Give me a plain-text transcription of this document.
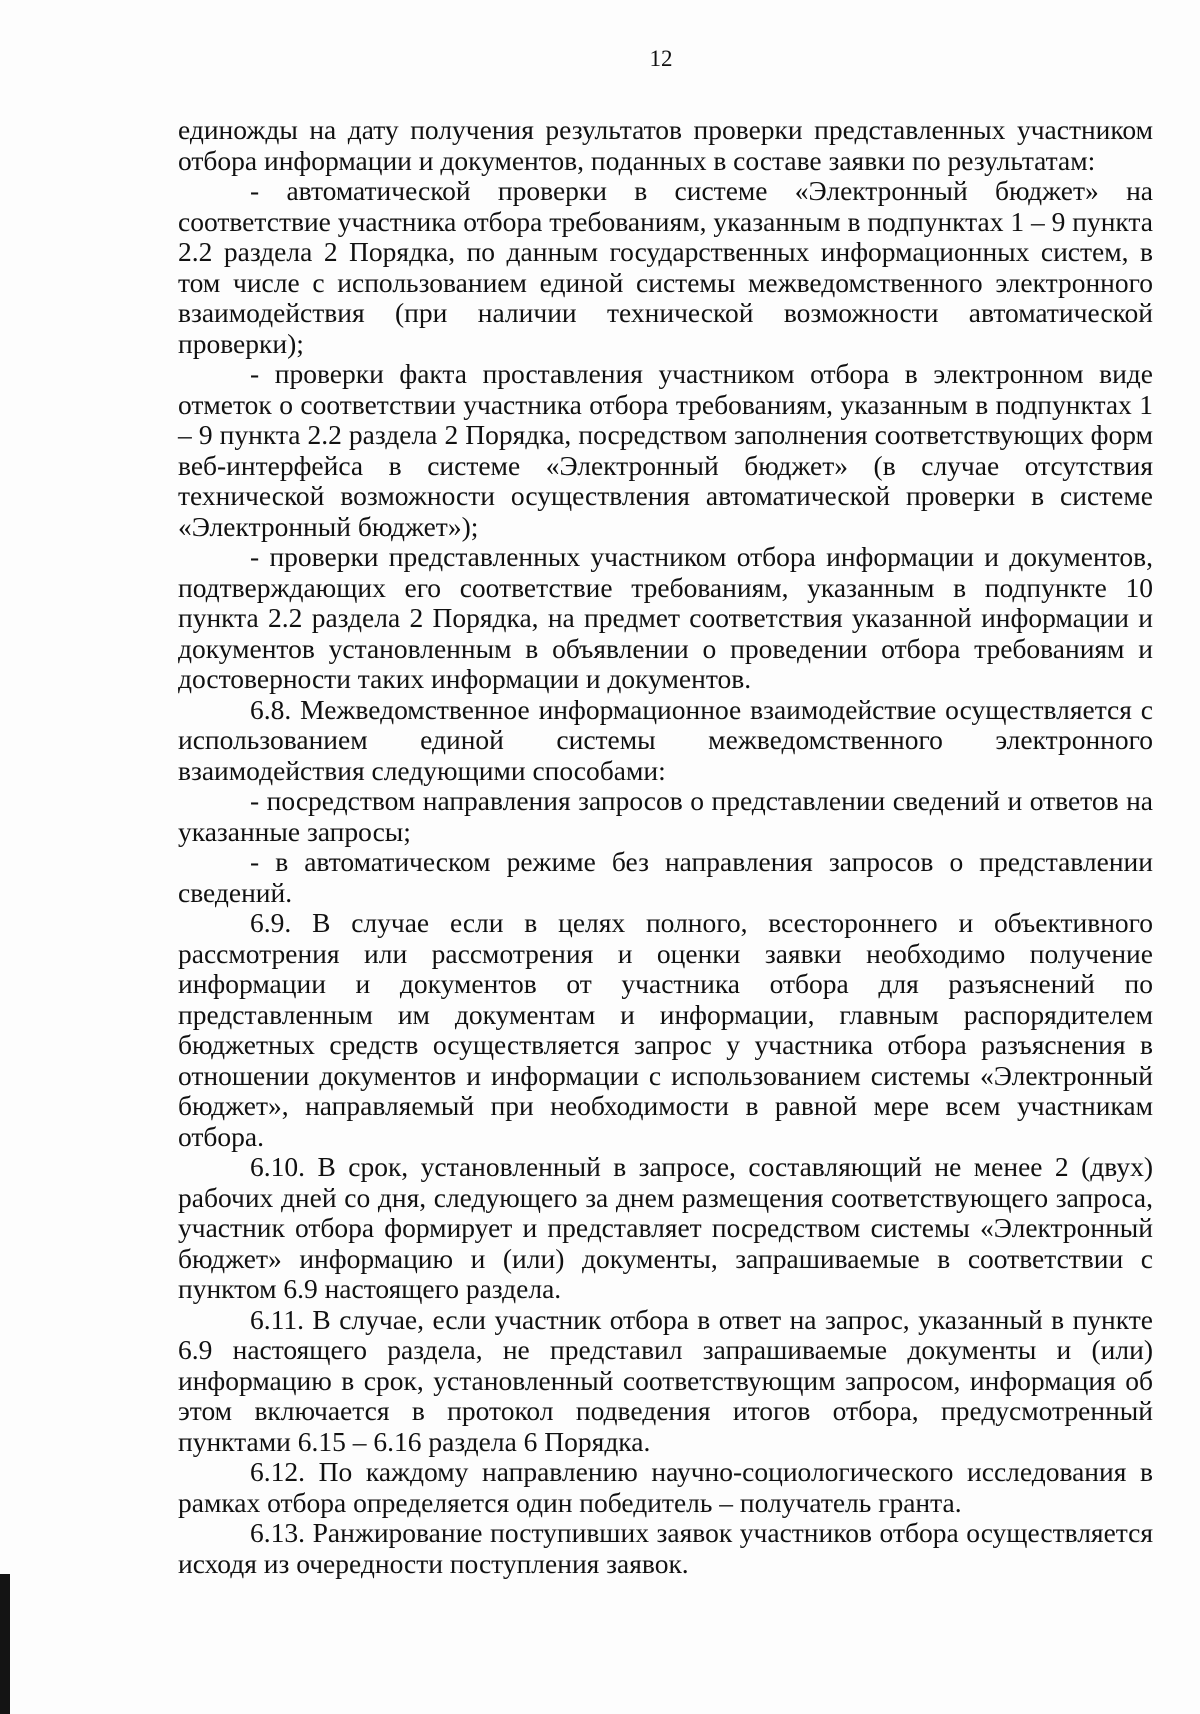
12

единожды на дату получения результатов проверки представленных участником отбора информации и документов, поданных в составе заявки по результатам:

- автоматической проверки в системе «Электронный бюджет» на соответствие участника отбора требованиям, указанным в подпунктах 1 – 9 пункта 2.2 раздела 2 Порядка, по данным государственных информационных систем, в том числе с использованием единой системы межведомственного электронного взаимодействия (при наличии технической возможности автоматической проверки);

- проверки факта проставления участником отбора в электронном виде отметок о соответствии участника отбора требованиям, указанным в подпунктах 1 – 9 пункта 2.2 раздела 2 Порядка, посредством заполнения соответствующих форм веб-интерфейса в системе «Электронный бюджет» (в случае отсутствия технической возможности осуществления автоматической проверки в системе «Электронный бюджет»);

- проверки представленных участником отбора информации и документов, подтверждающих его соответствие требованиям, указанным в подпункте 10 пункта 2.2 раздела 2 Порядка, на предмет соответствия указанной информации и документов установленным в объявлении о проведении отбора требованиям и достоверности таких информации и документов.

6.8. Межведомственное информационное взаимодействие осуществляется с использованием единой системы межведомственного электронного взаимодействия следующими способами:

- посредством направления запросов о представлении сведений и ответов на указанные запросы;

- в автоматическом режиме без направления запросов о представлении сведений.

6.9. В случае если в целях полного, всестороннего и объективного рассмотрения или рассмотрения и оценки заявки необходимо получение информации и документов от участника отбора для разъяснений по представленным им документам и информации, главным распорядителем бюджетных средств осуществляется запрос у участника отбора разъяснения в отношении документов и информации с использованием системы «Электронный бюджет», направляемый при необходимости в равной мере всем участникам отбора.

6.10. В срок, установленный в запросе, составляющий не менее 2 (двух) рабочих дней со дня, следующего за днем размещения соответствующего запроса, участник отбора формирует и представляет посредством системы «Электронный бюджет» информацию и (или) документы, запрашиваемые в соответствии с пунктом 6.9 настоящего раздела.

6.11. В случае, если участник отбора в ответ на запрос, указанный в пункте 6.9 настоящего раздела, не представил запрашиваемые документы и (или) информацию в срок, установленный соответствующим запросом, информация об этом включается в протокол подведения итогов отбора, предусмотренный пунктами 6.15 – 6.16 раздела 6 Порядка.

6.12. По каждому направлению научно-социологического исследования в рамках отбора определяется один победитель – получатель гранта.

6.13. Ранжирование поступивших заявок участников отбора осуществляется исходя из очередности поступления заявок.
